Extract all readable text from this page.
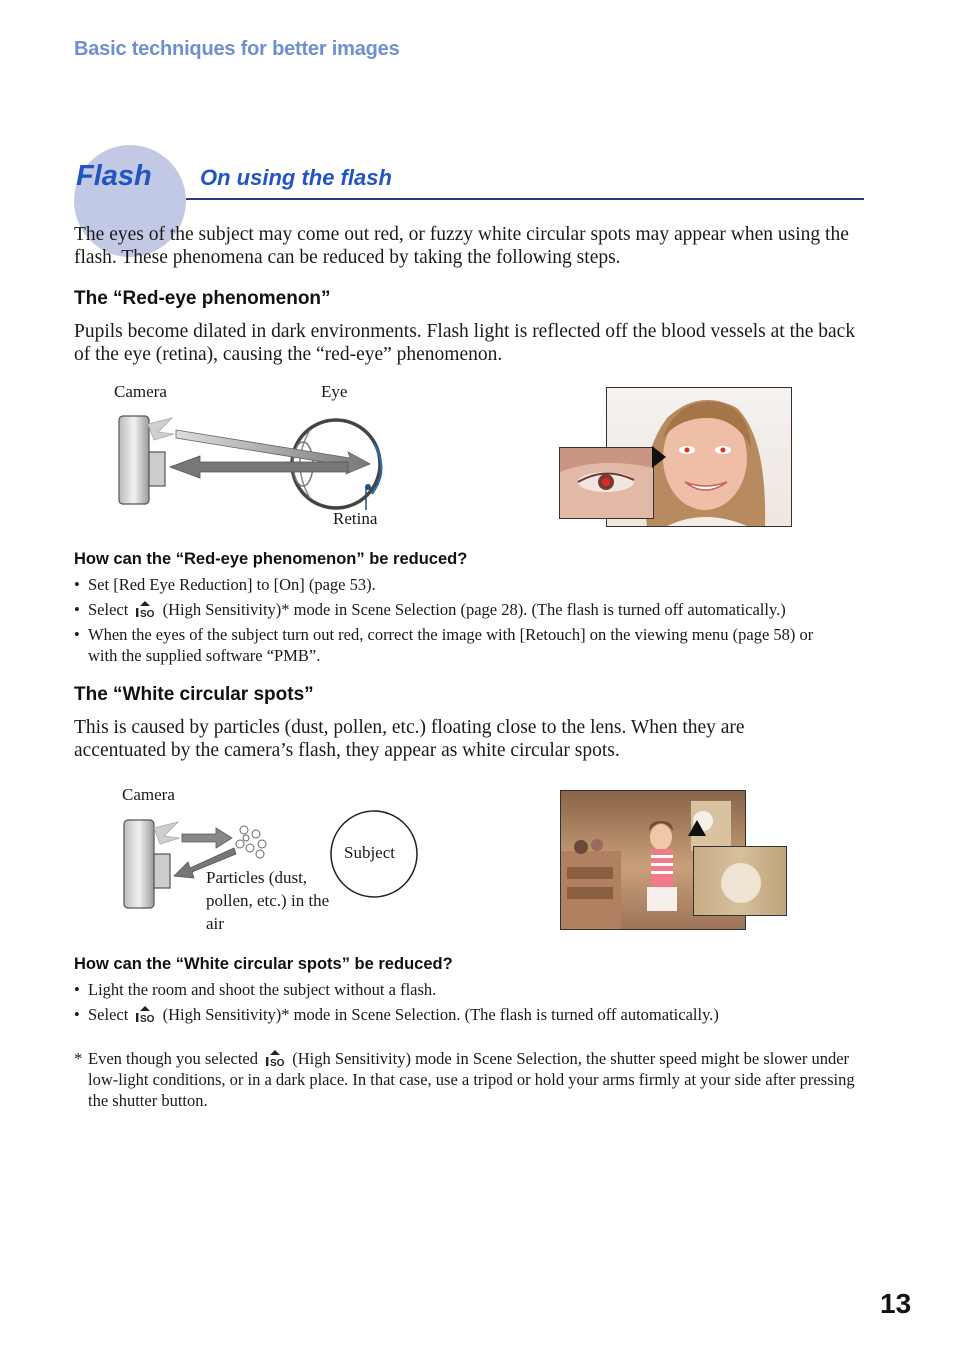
Basic techniques for better images
Flash On using the flash
The eyes of the subject may come out red, or fuzzy white circular spots may appear when using the flash. These phenomena can be reduced by taking the following steps.
The “Red-eye phenomenon”
Pupils become dilated in dark environments. Flash light is reflected off the blood vessels at the back of the eye (retina), causing the “red-eye” phenomenon.
Camera	Eye
Retina
How can the “Red-eye phenomenon” be reduced?
• Set [Red Eye Reduction] to [On] (page 53).
• Select SO (High Sensitivity)* mode in Scene Selection (page 28). (The flash is turned off automatically.)
• When the eyes of the subject turn out red, correct the image with [Retouch] on the viewing menu (page 58) or with the supplied software “PMB”.
The “White circular spots”
This is caused by particles (dust, pollen, etc.) floating close to the lens. When they are accentuated by the camera’s flash, they appear as white circular spots.
Camera
Particles (dust, pollen, etc.) in the air
Subject
How can the “White circular spots” be reduced?
• Light the room and shoot the subject without a flash.
• Select SO (High Sensitivity)* mode in Scene Selection. (The flash is turned off automatically.)
* Even though you selected SO (High Sensitivity) mode in Scene Selection, the shutter speed might be slower under low-light conditions, or in a dark place. In that case, use a tripod or hold your arms firmly at your side after pressing the shutter button.
13
